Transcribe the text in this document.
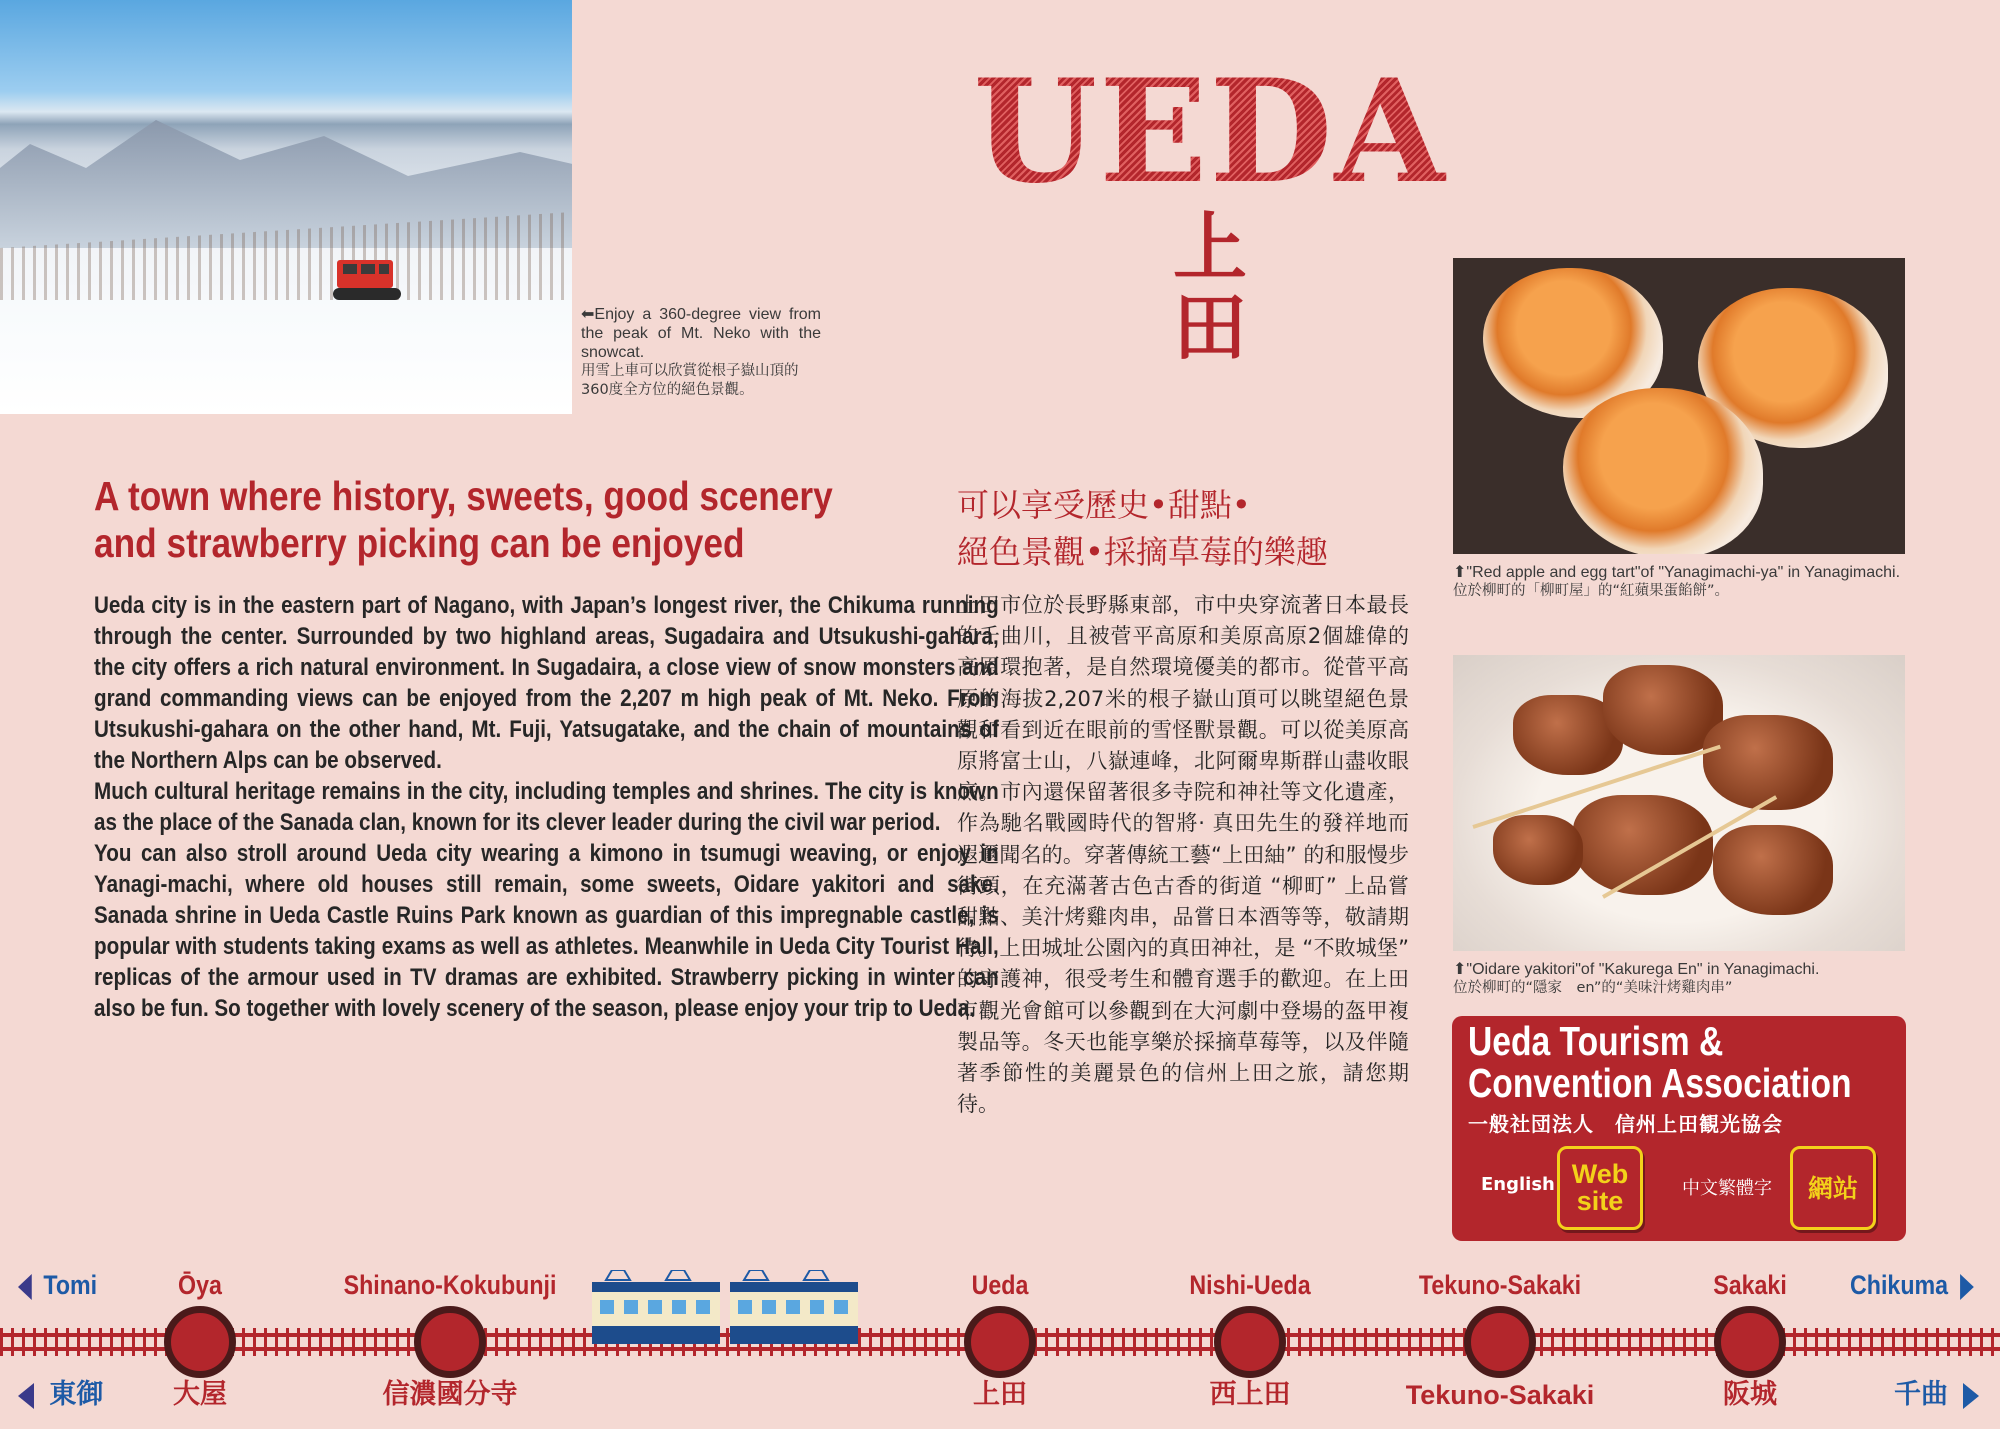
⬅Enjoy a 360-degree view from the peak of Mt. Neko with the snowcat.
用雪上車可以欣賞從根子嶽山頂的360度全方位的絕色景觀。
UEDA
上田
A town where history, sweets, good scenery
and strawberry picking can be enjoyed
可以享受歷史•甜點•
絕色景觀•採摘草莓的樂趣

Ueda city is in the eastern part of Nagano, with Japan’s longest river, the Chikuma running through the center. Surrounded by two highland areas, Sugadaira and Utsukushi-gahara, the city offers a rich natural environment. In Sugadaira, a close view of snow monsters and grand commanding views can be enjoyed from the 2,207 m high peak of Mt. Neko. From Utsukushi-gahara on the other hand, Mt. Fuji, Yatsugatake, and the chain of mountains of the Northern Alps can be observed.

Much cultural heritage remains in the city, including temples and shrines. The city is known as the place of the Sanada clan, known for its clever leader during the civil war period.

You can also stroll around Ueda city wearing a kimono in tsumugi weaving, or enjoy in Yanagi-machi, where old houses still remain, some sweets, Oidare yakitori and sake. Sanada shrine in Ueda Castle Ruins Park known as guardian of this impregnable castle, is popular with students taking exams as well as athletes. Meanwhile in Ueda City Tourist Hall, replicas of the armour used in TV dramas are exhibited. Strawberry picking in winter can also be fun. So together with lovely scenery of the season, please enjoy your trip to Ueda.

上田市位於長野縣東部，市中央穿流著日本最長的千曲川，且被菅平高原和美原高原2個雄偉的高原環抱著，是自然環境優美的都市。從菅平高原的海拔2,207米的根子嶽山頂可以眺望絕色景觀和看到近在眼前的雪怪獸景觀。可以從美原高原將富士山，八嶽連峰，北阿爾卑斯群山盡收眼底。市內還保留著很多寺院和神社等文化遺產，作為馳名戰國時代的智將· 真田先生的發祥地而遐邇聞名的。穿著傳統工藝“上田紬” 的和服慢步街頭，在充滿著古色古香的街道 “柳町” 上品嘗甜點、美汁烤雞肉串，品嘗日本酒等等，敬請期待。上田城址公園內的真田神社，是 “不敗城堡” 的守護神，很受考生和體育選手的歡迎。在上田市觀光會館可以參觀到在大河劇中登場的盔甲複製品等。冬天也能享樂於採摘草莓等，以及伴隨著季節性的美麗景色的信州上田之旅，請您期待。
⬆"Red apple and egg tart"of "Yanagimachi-ya" in Yanagimachi.
位於柳町的「柳町屋」的“紅蘋果蛋餡餅”。
⬆"Oidare yakitori"of "Kakurega En" in Yanagimachi.
位於柳町的“隱家　en”的“美味汁烤雞肉串”
Ueda Tourism &
Convention Association
一般社団法人　信州上田観光協会
English Web site	中文繁體字	網站
Tomi
東御
Chikuma
千曲
Ōya
大屋
Shinano-Kokubunji
信濃國分寺
Ueda
上田
Nishi-Ueda
西上田
Tekuno-Sakaki
Tekuno-Sakaki
Sakaki
阪城
